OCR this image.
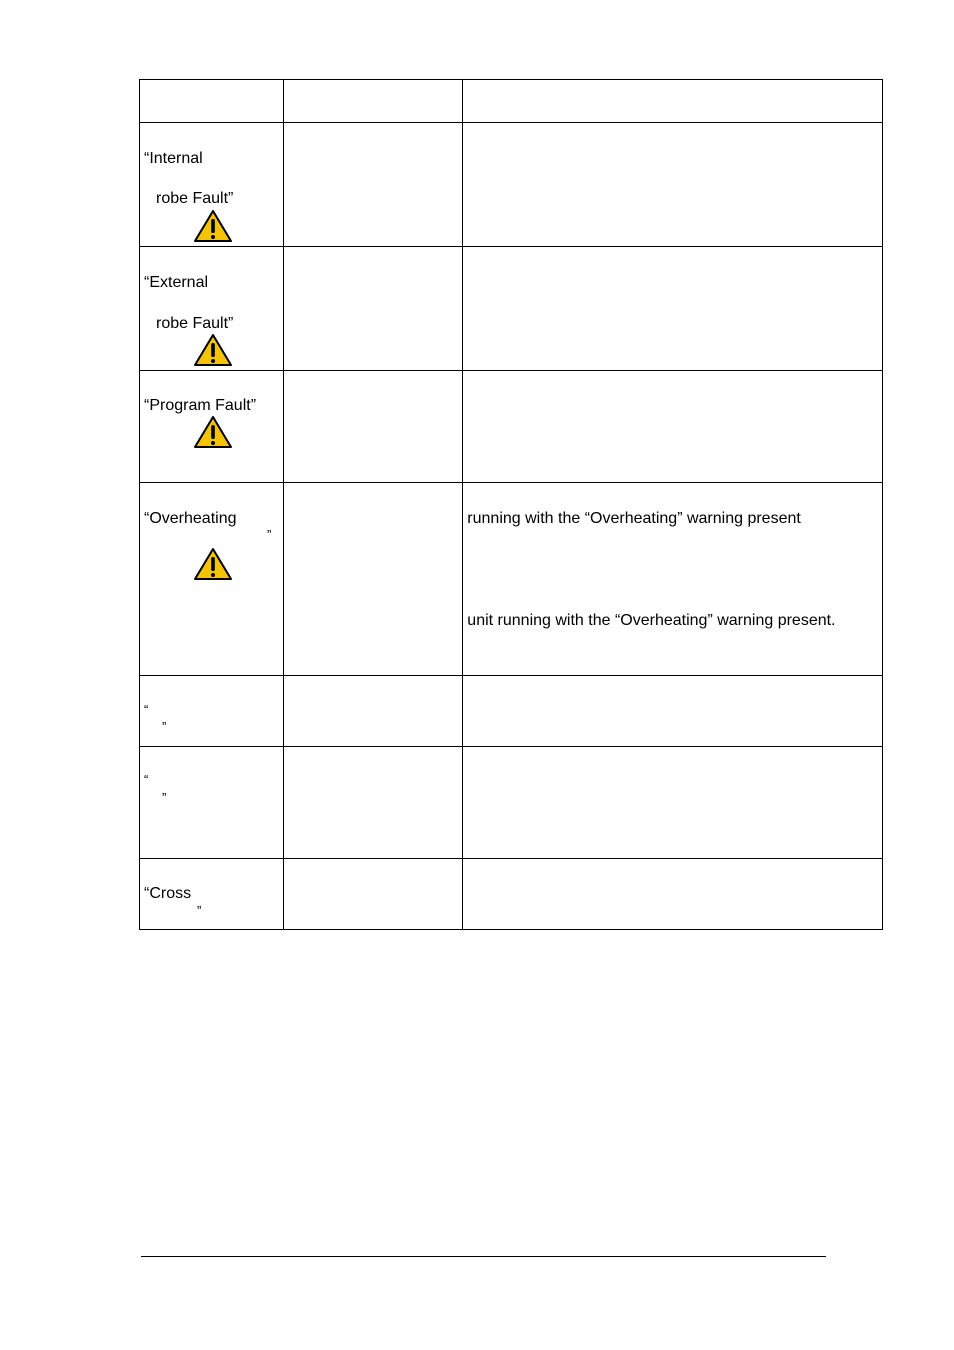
“Internal
robe Fault”		

“External
robe Fault”		

“Program Fault”		

“Overheating
”		running with the “Overheating” warning present
unit running with the “Overheating” warning present.

“
”		

“
”		

“Cross
”		
